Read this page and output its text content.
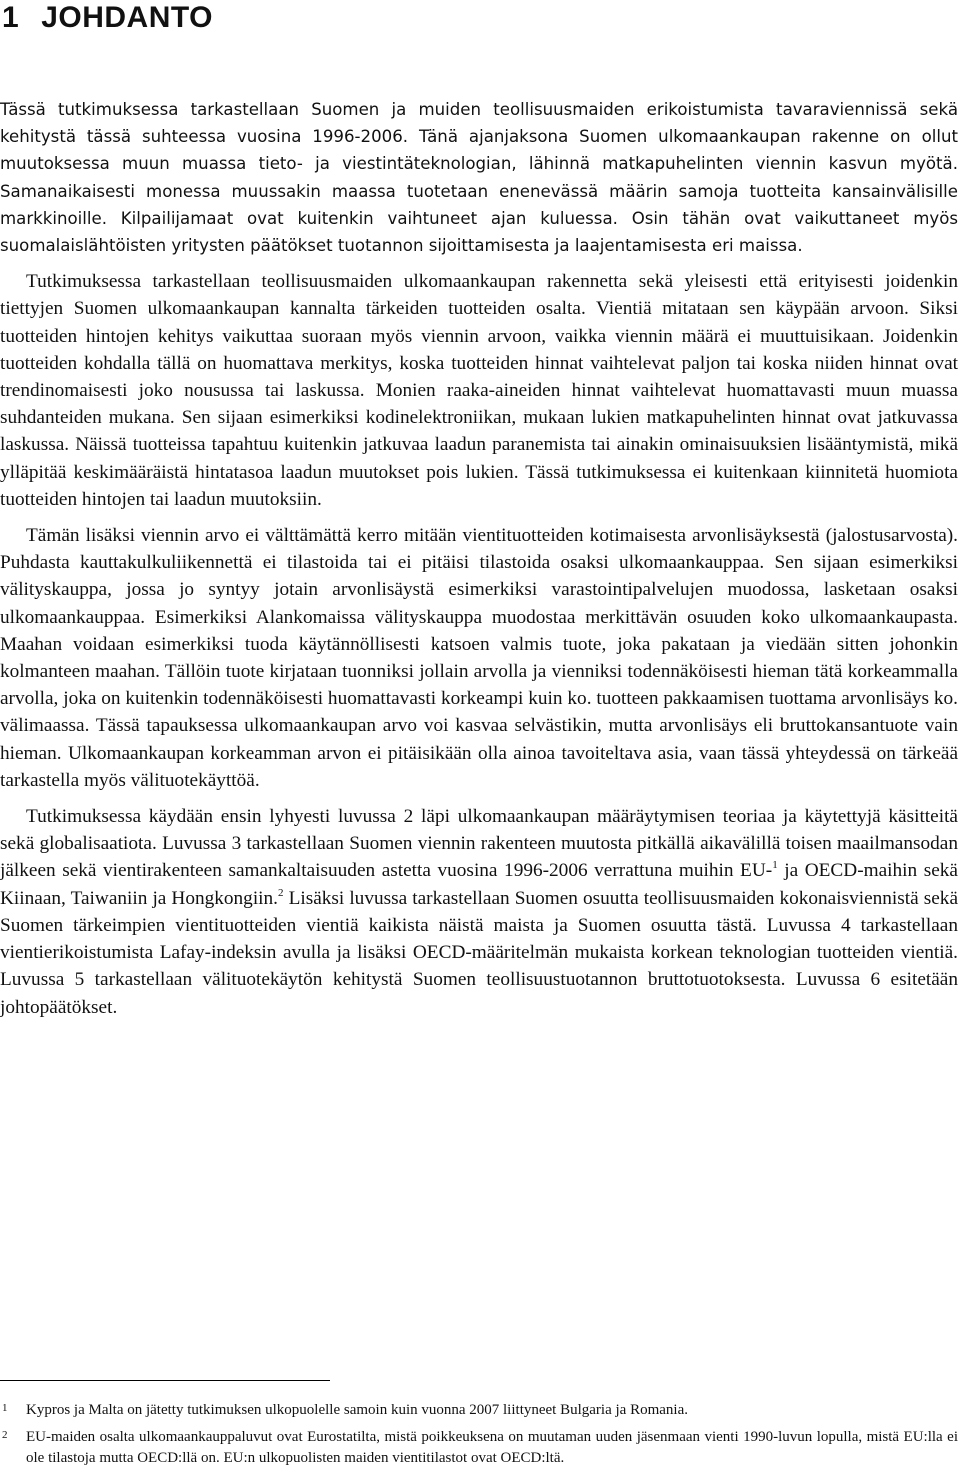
1 JOHDANTO

Tässä tutkimuksessa tarkastellaan Suomen ja muiden teollisuusmaiden erikoistumista tavaraviennissä sekä kehitystä tässä suhteessa vuosina 1996-2006. Tänä ajanjaksona Suomen ulkomaankaupan rakenne on ollut muutoksessa muun muassa tieto- ja viestintäteknologian, lähinnä matkapuhelinten viennin kasvun myötä. Samanaikaisesti monessa muussakin maassa tuotetaan enenevässä määrin samoja tuotteita kansainvälisille markkinoille. Kilpailijamaat ovat kuitenkin vaihtuneet ajan kuluessa. Osin tähän ovat vaikuttaneet myös suomalaislähtöisten yritysten päätökset tuotannon sijoittamisesta ja laajentamisesta eri maissa.

Tutkimuksessa tarkastellaan teollisuusmaiden ulkomaankaupan rakennetta sekä yleisesti että erityisesti joidenkin tiettyjen Suomen ulkomaankaupan kannalta tärkeiden tuotteiden osalta. Vientiä mitataan sen käypään arvoon. Siksi tuotteiden hintojen kehitys vaikuttaa suoraan myös viennin arvoon, vaikka viennin määrä ei muuttuisikaan. Joidenkin tuotteiden kohdalla tällä on huomattava merkitys, koska tuotteiden hinnat vaihtelevat paljon tai koska niiden hinnat ovat trendinomaisesti joko nousussa tai laskussa. Monien raaka-aineiden hinnat vaihtelevat huomattavasti muun muassa suhdanteiden mukana. Sen sijaan esimerkiksi kodinelektroniikan, mukaan lukien matkapuhelinten hinnat ovat jatkuvassa laskussa. Näissä tuotteissa tapahtuu kuitenkin jatkuvaa laadun paranemista tai ainakin ominaisuuksien lisääntymistä, mikä ylläpitää keskimääräistä hintatasoa laadun muutokset pois lukien. Tässä tutkimuksessa ei kuitenkaan kiinnitetä huomiota tuotteiden hintojen tai laadun muutoksiin.

Tämän lisäksi viennin arvo ei välttämättä kerro mitään vientituotteiden kotimaisesta arvonlisäyksestä (jalostusarvosta). Puhdasta kauttakulkuliikennettä ei tilastoida tai ei pitäisi tilastoida osaksi ulkomaankauppaa. Sen sijaan esimerkiksi välityskauppa, jossa jo syntyy jotain arvonlisäystä esimerkiksi varastointipalvelujen muodossa, lasketaan osaksi ulkomaankauppaa. Esimerkiksi Alankomaissa välityskauppa muodostaa merkittävän osuuden koko ulkomaankaupasta. Maahan voidaan esimerkiksi tuoda käytännöllisesti katsoen valmis tuote, joka pakataan ja viedään sitten johonkin kolmanteen maahan. Tällöin tuote kirjataan tuonniksi jollain arvolla ja vienniksi todennäköisesti hieman tätä korkeammalla arvolla, joka on kuitenkin todennäköisesti huomattavasti korkeampi kuin ko. tuotteen pakkaamisen tuottama arvonlisäys ko. välimaassa. Tässä tapauksessa ulkomaankaupan arvo voi kasvaa selvästikin, mutta arvonlisäys eli bruttokansantuote vain hieman. Ulkomaankaupan korkeamman arvon ei pitäisikään olla ainoa tavoiteltava asia, vaan tässä yhteydessä on tärkeää tarkastella myös välituotekäyttöä.

Tutkimuksessa käydään ensin lyhyesti luvussa 2 läpi ulkomaankaupan määräytymisen teoriaa ja käytettyjä käsitteitä sekä globalisaatiota. Luvussa 3 tarkastellaan Suomen viennin rakenteen muutosta pitkällä aikavälillä toisen maailmansodan jälkeen sekä vientirakenteen samankaltaisuuden astetta vuosina 1996-2006 verrattuna muihin EU-$^1$ ja OECD-maihin sekä Kiinaan, Taiwaniin ja Hongkongiin.$^2$ Lisäksi luvussa tarkastellaan Suomen osuutta teollisuusmaiden kokonaisviennistä sekä Suomen tärkeimpien vientituotteiden vientiä kaikista näistä maista ja Suomen osuutta tästä. Luvussa 4 tarkastellaan vientierikoistumista Lafay-indeksin avulla ja lisäksi OECD-määritelmän mukaista korkean teknologian tuotteiden vientiä. Luvussa 5 tarkastellaan välituotekäytön kehitystä Suomen teollisuustuotannon bruttotuotoksesta. Luvussa 6 esitetään johtopäätökset.

1 Kypros ja Malta on jätetty tutkimuksen ulkopuolelle samoin kuin vuonna 2007 liittyneet Bulgaria ja Romania.

2 EU-maiden osalta ulkomaankauppaluvut ovat Eurostatilta, mistä poikkeuksena on muutaman uuden jäsenmaan vienti 1990-luvun lopulla, mistä EU:lla ei ole tilastoja mutta OECD:llä on. EU:n ulkopuolisten maiden vientitilastot ovat OECD:ltä.
